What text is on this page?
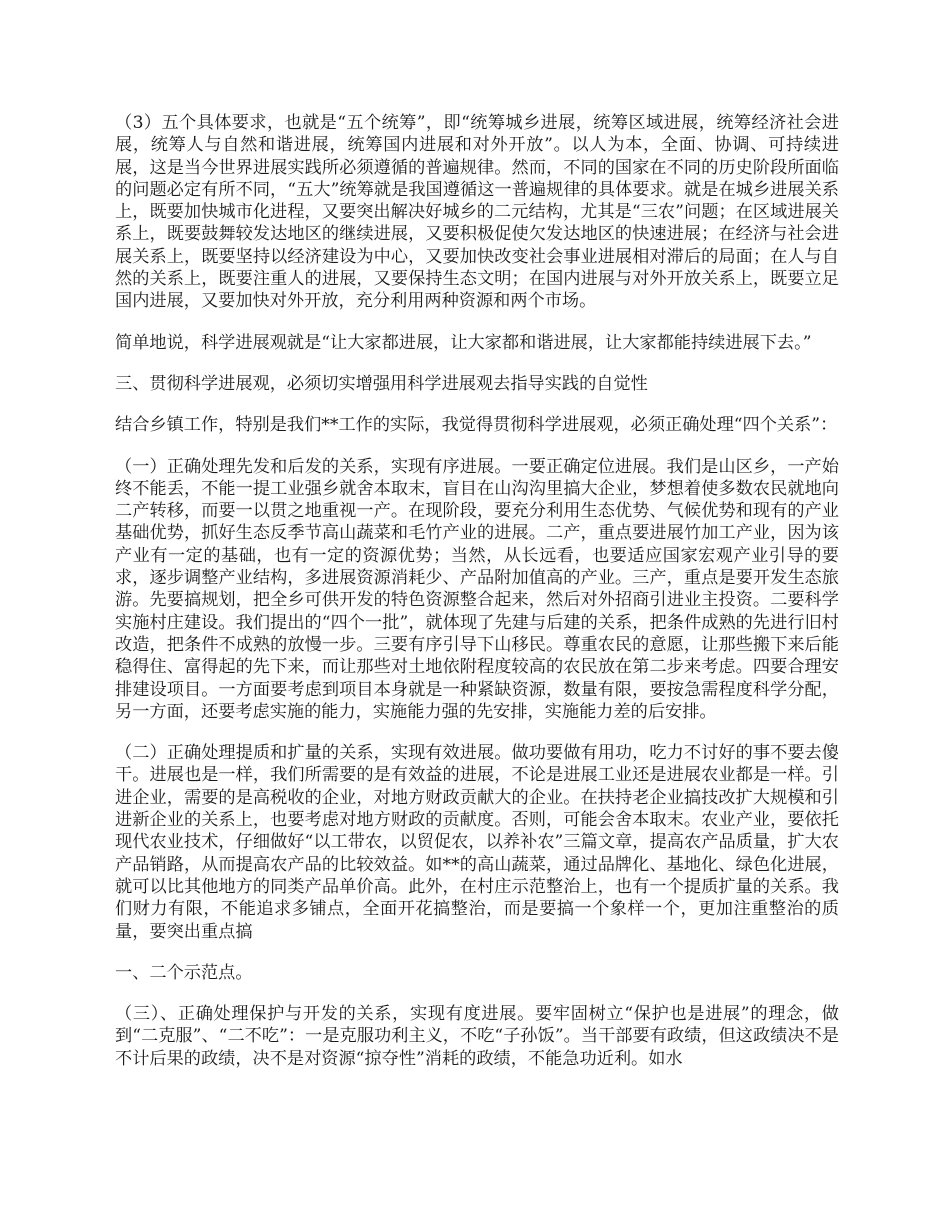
（3）五个具体要求，也就是“五个统筹”，即“统筹城乡进展，统筹区域进展，统筹经济社会进展，统筹人与自然和谐进展，统筹国内进展和对外开放”。以人为本，全面、协调、可持续进展，这是当今世界进展实践所必须遵循的普遍规律。然而，不同的国家在不同的历史阶段所面临的问题必定有所不同，“五大”统筹就是我国遵循这一普遍规律的具体要求。就是在城乡进展关系上，既要加快城市化进程，又要突出解决好城乡的二元结构，尤其是“三农”问题；在区域进展关系上，既要鼓舞较发达地区的继续进展，又要积极促使欠发达地区的快速进展；在经济与社会进展关系上，既要坚持以经济建设为中心，又要加快改变社会事业进展相对滞后的局面；在人与自然的关系上，既要注重人的进展，又要保持生态文明；在国内进展与对外开放关系上，既要立足国内进展，又要加快对外开放，充分利用两种资源和两个市场。

简单地说，科学进展观就是“让大家都进展，让大家都和谐进展，让大家都能持续进展下去。”

三、贯彻科学进展观，必须切实增强用科学进展观去指导实践的自觉性

结合乡镇工作，特别是我们**工作的实际，我觉得贯彻科学进展观，必须正确处理“四个关系”：

（一）正确处理先发和后发的关系，实现有序进展。一要正确定位进展。我们是山区乡，一产始终不能丢，不能一提工业强乡就舍本取末，盲目在山沟沟里搞大企业，梦想着使多数农民就地向二产转移，而要一以贯之地重视一产。在现阶段，要充分利用生态优势、气候优势和现有的产业基础优势，抓好生态反季节高山蔬菜和毛竹产业的进展。二产，重点要进展竹加工产业，因为该产业有一定的基础，也有一定的资源优势；当然，从长远看，也要适应国家宏观产业引导的要求，逐步调整产业结构，多进展资源消耗少、产品附加值高的产业。三产，重点是要开发生态旅游。先要搞规划，把全乡可供开发的特色资源整合起来，然后对外招商引进业主投资。二要科学实施村庄建设。我们提出的“四个一批”，就体现了先建与后建的关系，把条件成熟的先进行旧村改造，把条件不成熟的放慢一步。三要有序引导下山移民。尊重农民的意愿，让那些搬下来后能稳得住、富得起的先下来，而让那些对土地依附程度较高的农民放在第二步来考虑。四要合理安排建设项目。一方面要考虑到项目本身就是一种紧缺资源，数量有限，要按急需程度科学分配，另一方面，还要考虑实施的能力，实施能力强的先安排，实施能力差的后安排。

（二）正确处理提质和扩量的关系，实现有效进展。做功要做有用功，吃力不讨好的事不要去傻干。进展也是一样，我们所需要的是有效益的进展，不论是进展工业还是进展农业都是一样。引进企业，需要的是高税收的企业，对地方财政贡献大的企业。在扶持老企业搞技改扩大规模和引进新企业的关系上，也要考虑对地方财政的贡献度。否则，可能会舍本取末。农业产业，要依托现代农业技术，仔细做好“以工带农，以贸促农，以养补农”三篇文章，提高农产品质量，扩大农产品销路，从而提高农产品的比较效益。如**的高山蔬菜，通过品牌化、基地化、绿色化进展，就可以比其他地方的同类产品单价高。此外，在村庄示范整治上，也有一个提质扩量的关系。我们财力有限，不能追求多铺点，全面开花搞整治，而是要搞一个象样一个，更加注重整治的质量，要突出重点搞

一、二个示范点。

（三）、正确处理保护与开发的关系，实现有度进展。要牢固树立“保护也是进展”的理念，做到“二克服”、“二不吃”：一是克服功利主义，不吃“子孙饭”。当干部要有政绩，但这政绩决不是不计后果的政绩，决不是对资源“掠夺性”消耗的政绩，不能急功近利。如水
